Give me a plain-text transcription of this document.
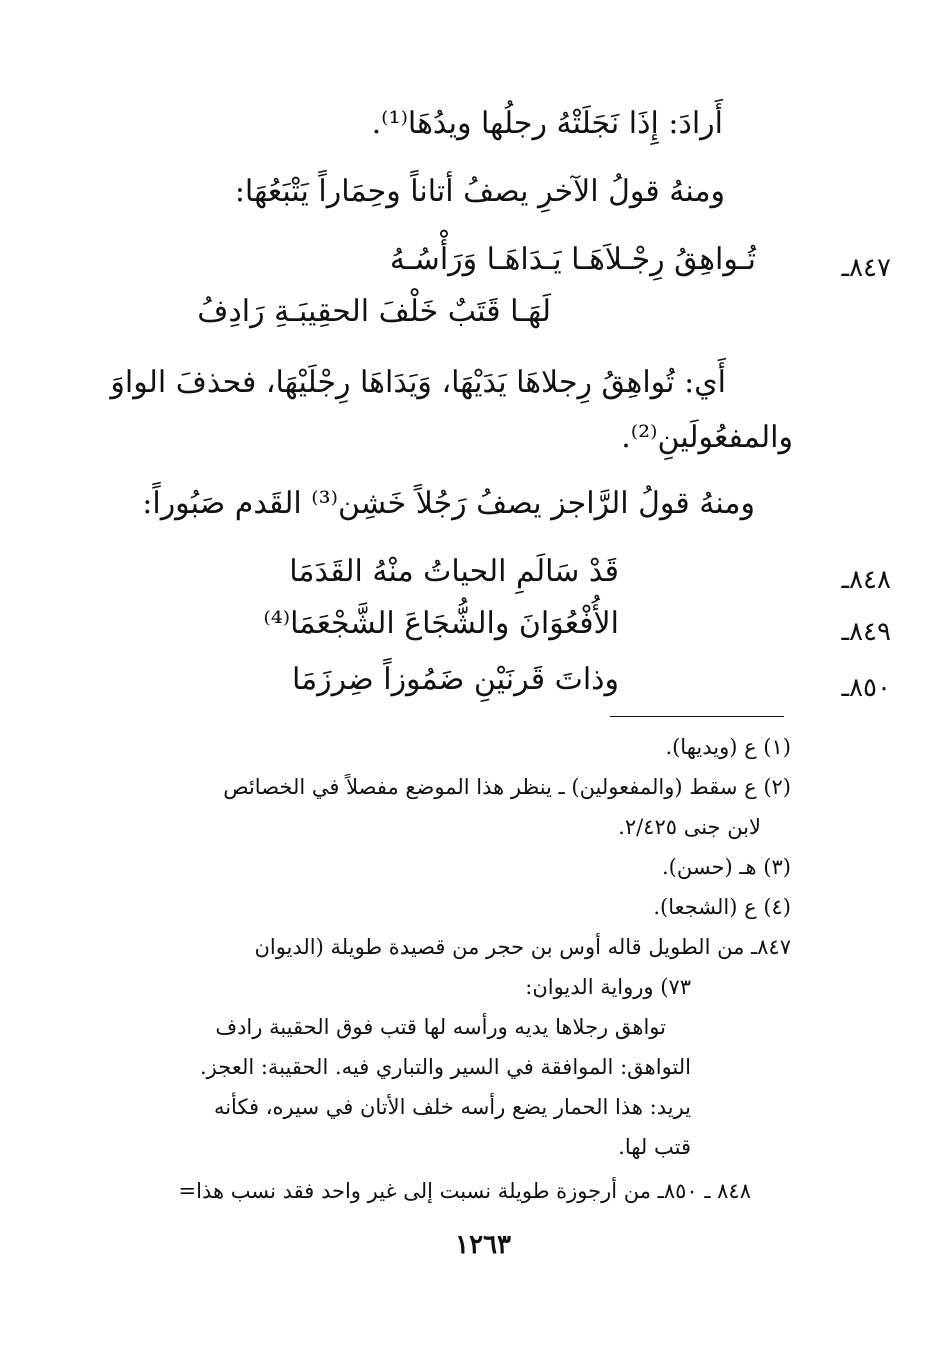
أَرادَ: إِذَا نَجَلَتْهُ رجلُها ويدُهَا⁽¹⁾.
ومنهُ قولُ الآخرِ يصفُ أتاناً وحِمَاراً يَتْبَعُهَا:
٨٤٧ـ
تُـواهِقُ رِجْـلاَهَـا يَـدَاهَـا وَرَأْسُـهُ
لَهَـا قَتَبٌ خَلْفَ الحقِيبَـةِ رَادِفُ
أَي: تُواهِقُ رِجلاهَا يَدَيْهَا، وَيَدَاهَا رِجْلَيْهَا، فحذفَ الواوَ
والمفعُولَينِ⁽²⁾.
ومنهُ قولُ الرَّاجز يصفُ رَجُلاً خَشِن⁽³⁾ القَدم صَبُوراً:
٨٤٨ـ
قَدْ سَالَمِ الحياتُ منْهُ القَدَمَا
٨٤٩ـ
الأُفْعُوَانَ والشُّجَاعَ الشَّجْعَمَا⁽⁴⁾
٨٥٠ـ
وذاتَ قَرنَيْنِ ضَمُوزاً ضِرزَمَا
(١) ع (ويديها).
(٢) ع سقط (والمفعولين) ـ ينظر هذا الموضع مفصلاً في الخصائص
لابن جنى ٢/٤٢٥.
(٣) هـ (حسن).
(٤) ع (الشجعا).
٨٤٧ـ من الطويل قاله أوس بن حجر من قصيدة طويلة (الديوان
٧٣) ورواية الديوان:
تواهق رجلاها يديه ورأسه لها قتب فوق الحقيبة رادف
التواهق: الموافقة في السير والتباري فيه. الحقيبة: العجز.
يريد: هذا الحمار يضع رأسه خلف الأتان في سيره، فكأنه
قتب لها.
٨٤٨ ـ ٨٥٠ـ من أرجوزة طويلة نسبت إلى غير واحد فقد نسب هذا=
١٢٦٣
